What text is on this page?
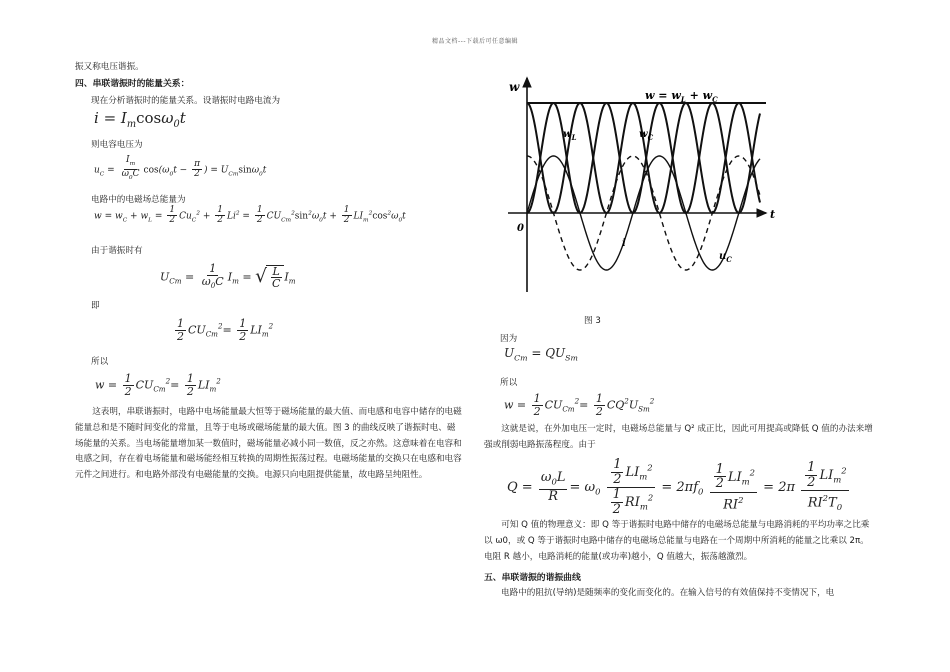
精品文档---下载后可任意编辑
振又称电压谐振。
四、串联谐振时的能量关系：
现在分析谐振时的能量关系。设谐振时电路电流为
$i = I_m\cos\omega_0t$
则电容电压为
$u_C = \frac{I_m}{\omega_0C} \cos(\omega_0t - \frac{\pi}{2}$ ) = $U_{Cm}\sin\omega_0t$
电路中的电磁场总能量为
$w = w_C + w_L = \frac{1}{2} Cu_C^2 + \frac{1}{2} Li^2 = \frac{1}{2} CU_{Cm}^2\sin^2\omega_0t + \frac{1}{2} LI_m^2\cos^2\omega_0t$
由于谐振时有
$U_{Cm} = \frac{1}{\omega_0C} I_m$ = √ $\frac{L}{C} I_m$
即
$\frac{1}{2} CU_{Cm}^2= \frac{1}{2} LI_m^2$
所以
$w = \frac{1}{2} CU_{Cm}^2= \frac{1}{2} LI_m^2$
这表明，串联谐振时，电路中电场能量最大恒等于磁场能量的最大值、而电感和电容中储存的电磁能量总和是不随时间变化的常量，且等于电场或磁场能量的最大值。图 3 的曲线反映了谐振时电、磁场能量的关系。当电场能量增加某一数值时，磁场能量必减小同一数值，反之亦然。这意味着在电容和电感之间，存在着电场能量和磁场能经相互转换的周期性振荡过程。电磁场能量的交换只在电感和电容元件之间进行。和电路外部没有电磁能量的交换。电源只向电阻提供能量，故电路呈纯阻性。
w
t
0
$w = w_L + w_C$
$w_L$	$w_C$
i
$u_C$
图 3
因为
$U_{Cm} = QU_{Sm}$
所以
$w = \frac{1}{2} CU_{Cm}^2= \frac{1}{2} CQ^2U_{Sm}^2$
这就是说，在外加电压一定时，电磁场总能量与 Q² 成正比，因此可用提高或降低 Q 值的办法来增强或削弱电路振荡程度。由于
$Q = \frac{\omega_0L}{R} = \omega_0 \frac{\frac{1}{2} LI_m^2}{\frac{1}{2} RI_m^2} = 2\pi f_0 \frac{\frac{1}{2} LI_m^2}{RI^2} = 2\pi \frac{\frac{1}{2} LI_m^2}{RI^2T_0}$
可知 Q 值的物理意义：即 Q 等于谐振时电路中储存的电磁场总能量与电路消耗的平均功率之比乘以 ω0，或 Q 等于谐振时电路中储存的电磁场总能量与电路在一个周期中所消耗的能量之比乘以 2π。电阻 R 越小，电路消耗的能量(或功率)越小，Q 值越大，振荡越激烈。
五、串联谐振的谐振曲线
电路中的阻抗(导纳)是随频率的变化而变化的。在输入信号的有效值保持不变情况下，电
